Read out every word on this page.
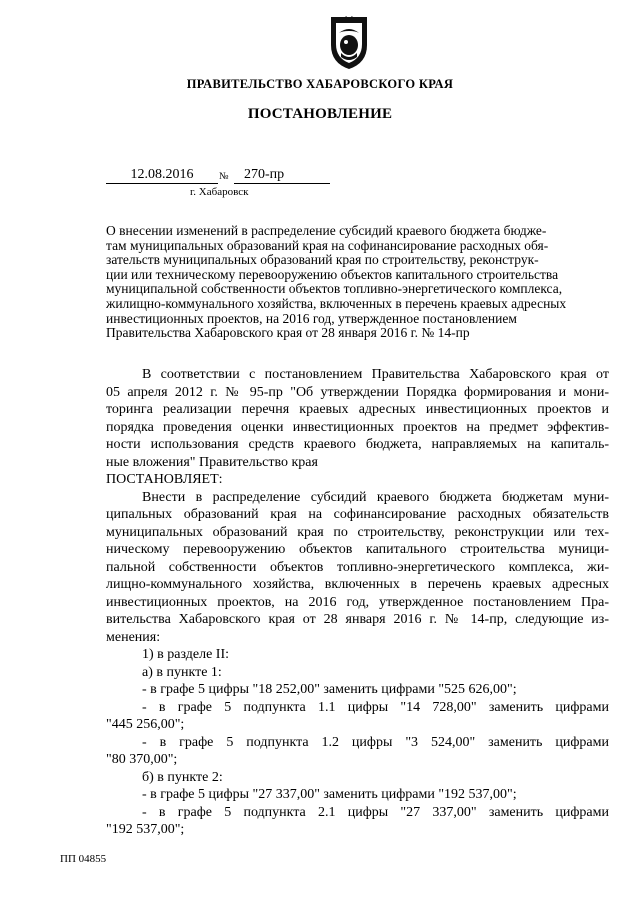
ПРАВИТЕЛЬСТВО ХАБАРОВСКОГО КРАЯ
ПОСТАНОВЛЕНИЕ
12.08.2016	№	270-пр
г. Хабаровск
О внесении изменений в распределение субсидий краевого бюджета бюдже-
там муниципальных образований края на софинансирование расходных обя-
зательств муниципальных образований края по строительству, реконструк-
ции или техническому перевооружению объектов капитального строительства
муниципальной собственности объектов топливно-энергетического комплекса,
жилищно-коммунального хозяйства, включенных в перечень краевых адресных
инвестиционных проектов, на 2016 год, утвержденное постановлением
Правительства Хабаровского края от 28 января 2016 г. № 14-пр
В соответствии с постановлением Правительства Хабаровского края от
05 апреля 2012 г. № 95-пр "Об утверждении Порядка формирования и мони-
торинга реализации перечня краевых адресных инвестиционных проектов и
порядка проведения оценки инвестиционных проектов на предмет эффектив-
ности использования средств краевого бюджета, направляемых на капиталь-
ные вложения" Правительство края
ПОСТАНОВЛЯЕТ:
Внести в распределение субсидий краевого бюджета бюджетам муни-
ципальных образований края на софинансирование расходных обязательств
муниципальных образований края по строительству, реконструкции или тех-
ническому перевооружению объектов капитального строительства муници-
пальной собственности объектов топливно-энергетического комплекса, жи-
лищно-коммунального хозяйства, включенных в перечень краевых адресных
инвестиционных проектов, на 2016 год, утвержденное постановлением Пра-
вительства Хабаровского края от 28 января 2016 г. № 14-пр, следующие из-
менения:
1) в разделе II:
а) в пункте 1:
- в графе 5 цифры "18 252,00" заменить цифрами "525 626,00";
- в графе 5 подпункта 1.1 цифры "14 728,00" заменить цифрами
"445 256,00";
- в графе 5 подпункта 1.2 цифры "3 524,00" заменить цифрами
"80 370,00";
б) в пункте 2:
- в графе 5 цифры "27 337,00" заменить цифрами "192 537,00";
- в графе 5 подпункта 2.1 цифры "27 337,00" заменить цифрами
"192 537,00";
ПП 04855
